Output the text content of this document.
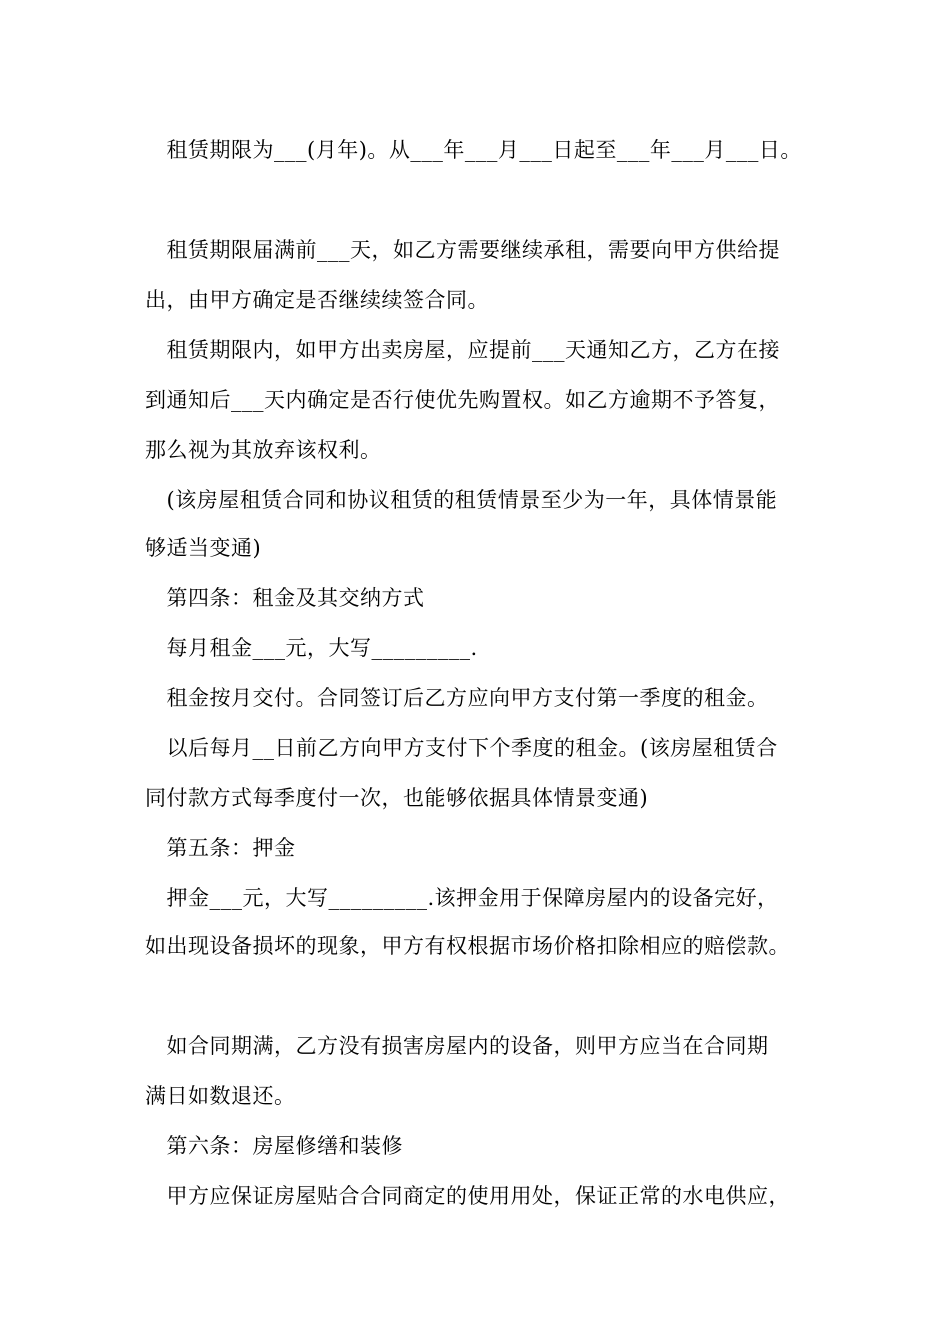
　租赁期限为___(月年)。从___年___月___日起至___年___月___日。
　租赁期限届满前___天，如乙方需要继续承租，需要向甲方供给提
出，由甲方确定是否继续续签合同。
　租赁期限内，如甲方出卖房屋，应提前___天通知乙方，乙方在接
到通知后___天内确定是否行使优先购置权。如乙方逾期不予答复，
那么视为其放弃该权利。
　(该房屋租赁合同和协议租赁的租赁情景至少为一年，具体情景能
够适当变通)
　第四条：租金及其交纳方式
　每月租金___元，大写_________.
　租金按月交付。合同签订后乙方应向甲方支付第一季度的租金。
　以后每月__日前乙方向甲方支付下个季度的租金。(该房屋租赁合
同付款方式每季度付一次，也能够依据具体情景变通)
　第五条：押金
　押金___元，大写_________.该押金用于保障房屋内的设备完好，
如出现设备损坏的现象，甲方有权根据市场价格扣除相应的赔偿款。
　如合同期满，乙方没有损害房屋内的设备，则甲方应当在合同期
满日如数退还。
　第六条：房屋修缮和装修
　甲方应保证房屋贴合合同商定的使用用处，保证正常的水电供应，
